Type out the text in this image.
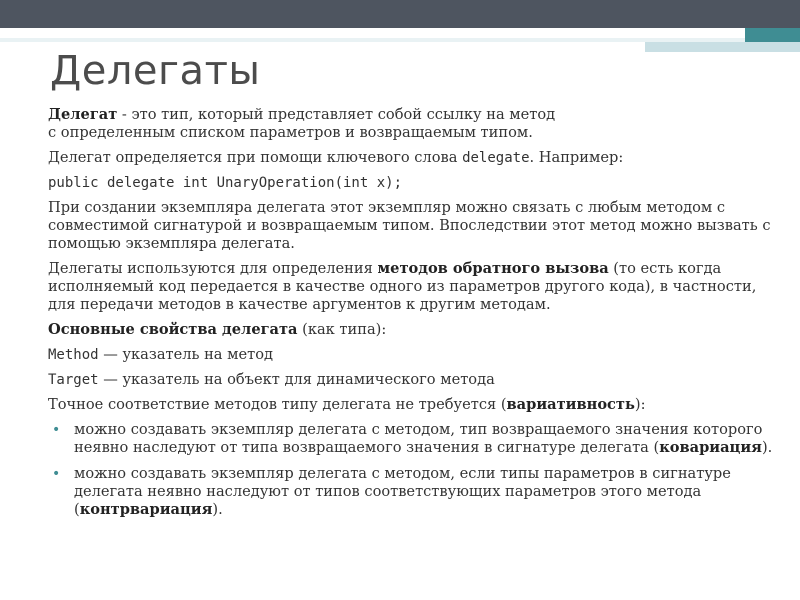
Делегаты

Делегат - это тип, который представляет собой ссылку на метод
с определенным списком параметров и возвращаемым типом.

Делегат определяется при помощи ключевого слова delegate. Например:

public delegate int UnaryOperation(int x);

При создании экземпляра делегата этот экземпляр можно связать с любым методом с совместимой сигнатурой и возвращаемым типом. Впоследствии этот метод можно вызвать с помощью экземпляра делегата.

Делегаты используются для определения методов обратного вызова (то есть когда исполняемый код передается в качестве одного из параметров другого кода), в частности, для передачи методов в качестве аргументов к другим методам.

Основные свойства делегата (как типа):

Method — указатель на метод

Target — указатель на объект для динамического метода

Точное соответствие методов типу делегата не требуется (вариативность):

• можно создавать экземпляр делегата с методом, тип возвращаемого значения которого неявно наследуют от типа возвращаемого значения в сигнатуре делегата (ковариация).
• можно создавать экземпляр делегата с методом, если типы параметров в сигнатуре делегата неявно наследуют от типов соответствующих параметров этого метода (контрвариация).
